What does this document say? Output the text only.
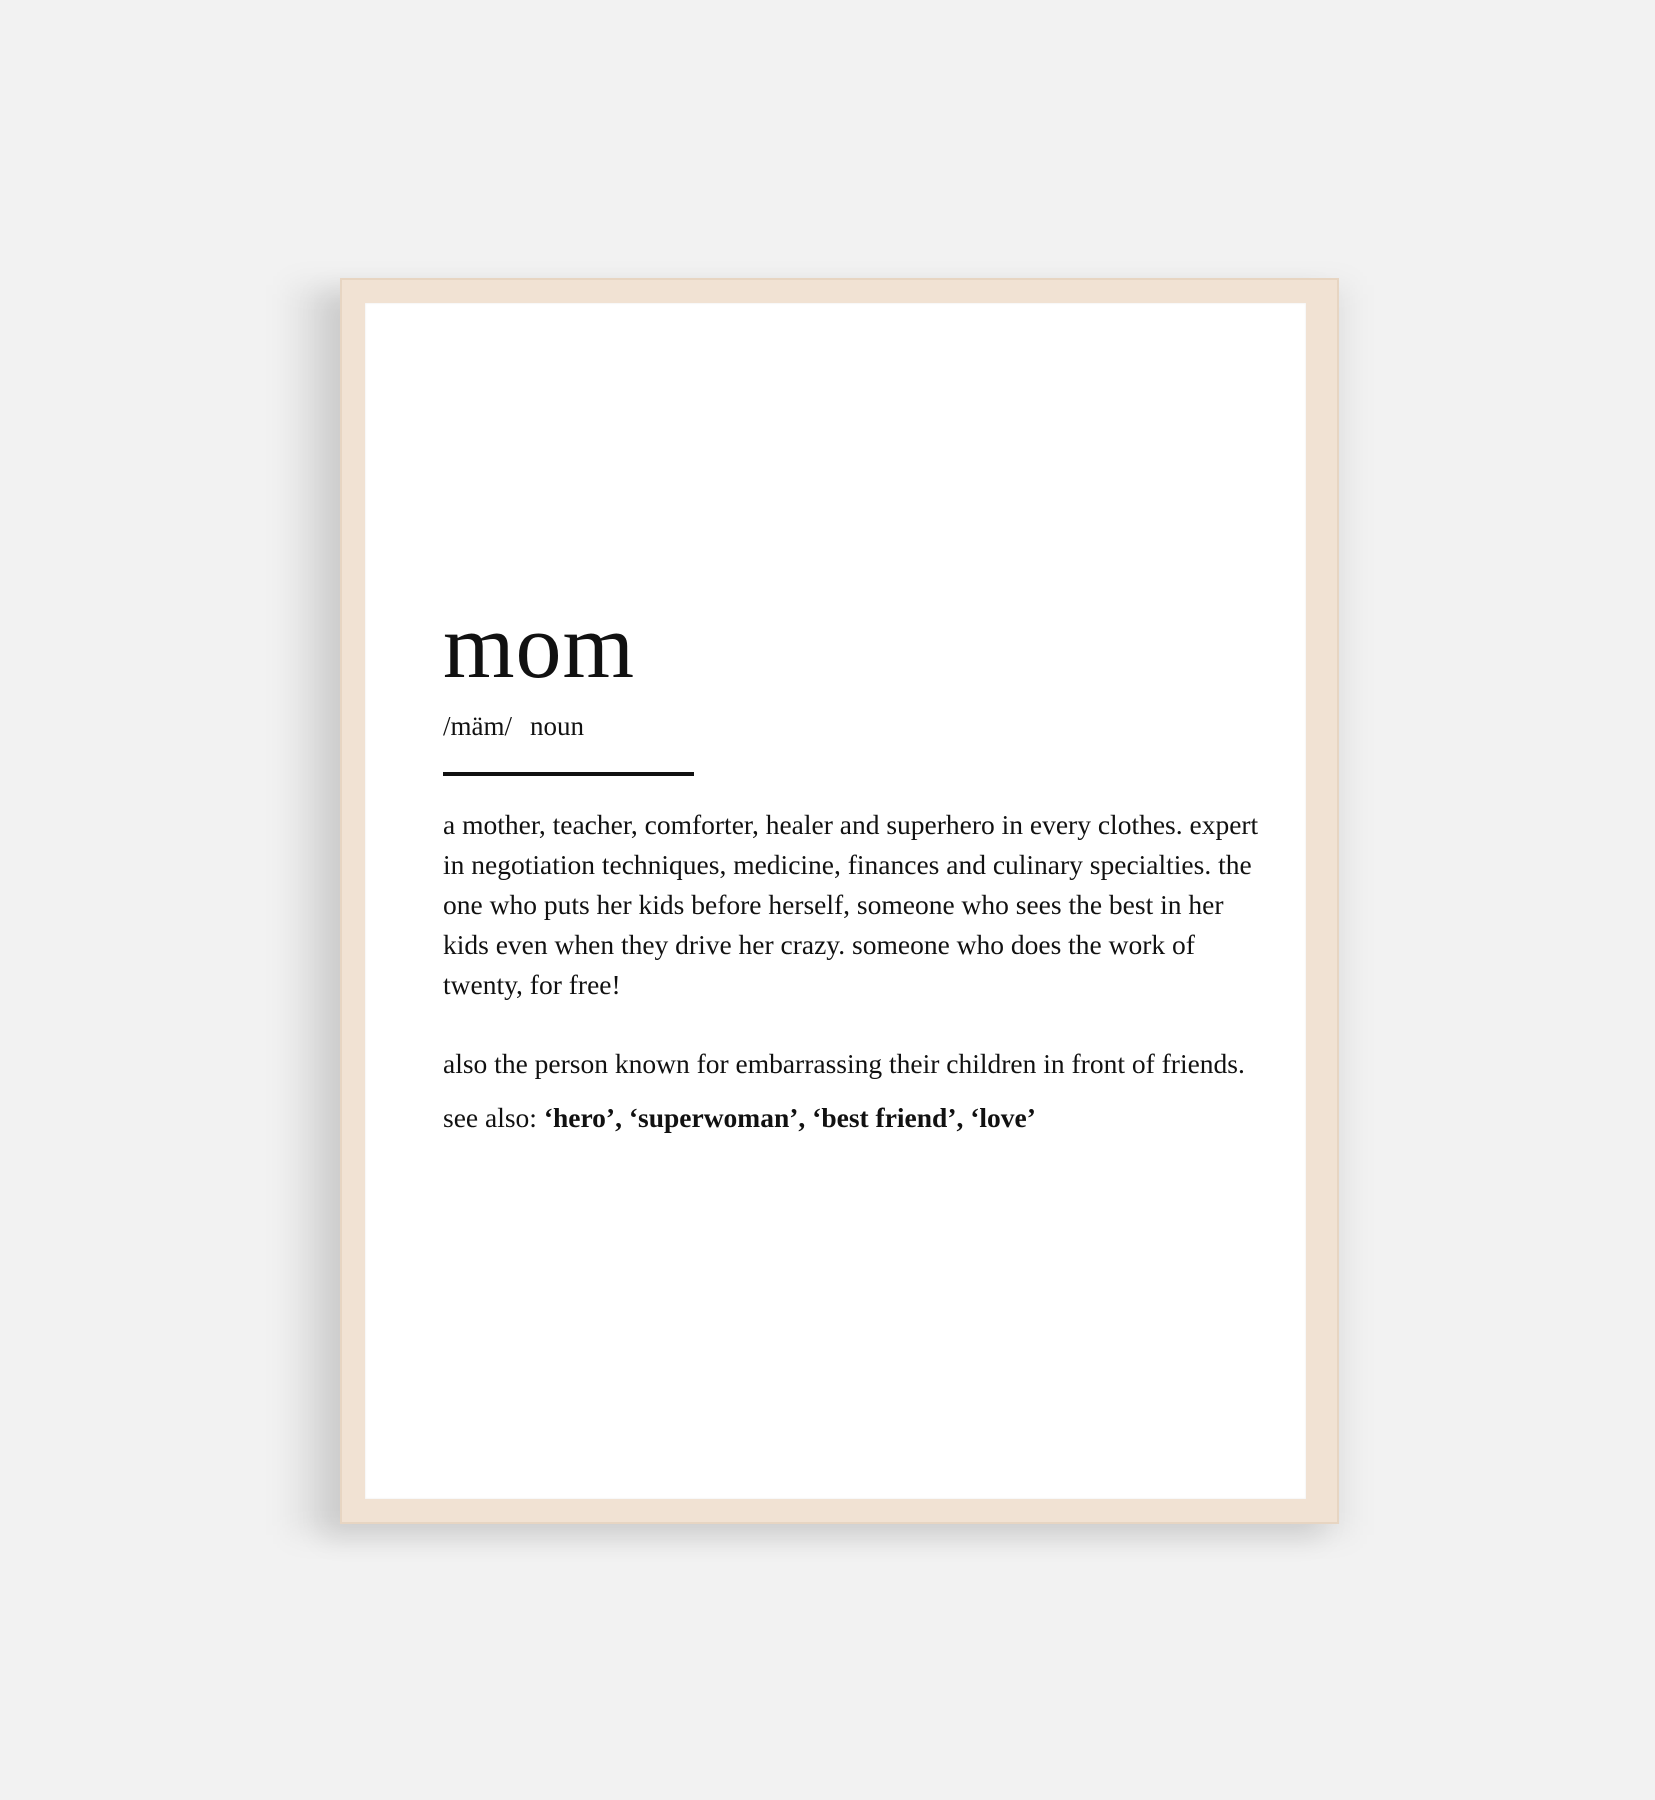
mom
/mäm/ noun
a mother, teacher, comforter, healer and superhero in every clothes. expert in negotiation techniques, medicine, finances and culinary specialties. the one who puts her kids before herself, someone who sees the best in her kids even when they drive her crazy. someone who does the work of twenty, for free!
also the person known for embarrassing their children in front of friends.
see also: ‘hero’, ‘superwoman’, ‘best friend’, ‘love’
